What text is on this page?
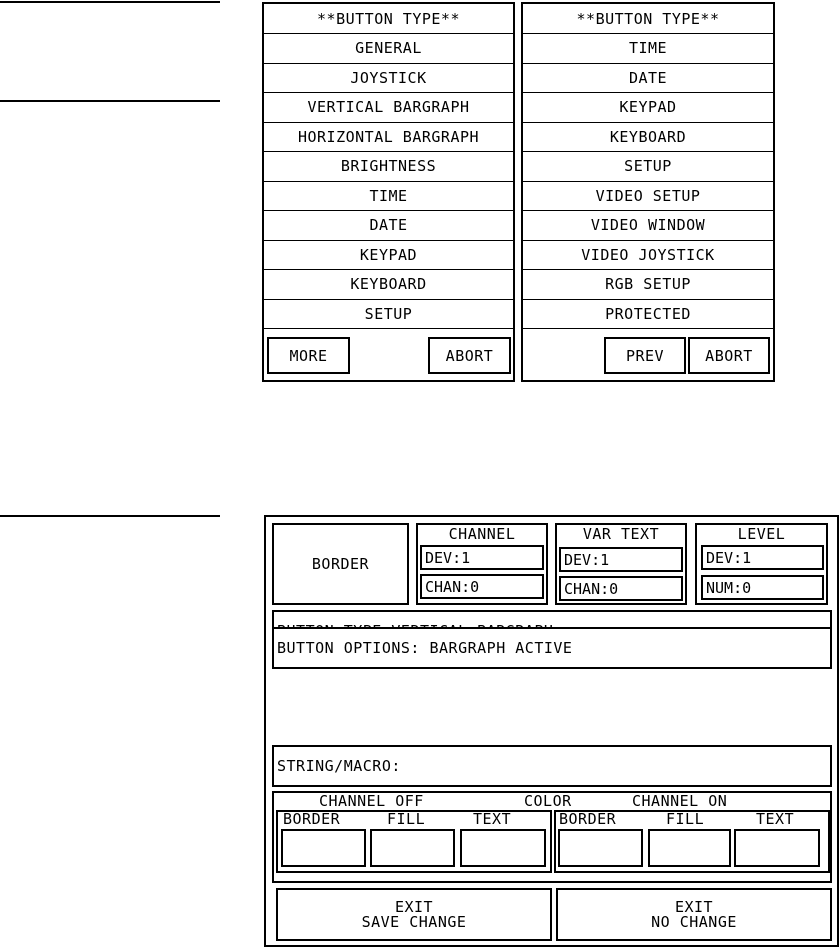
**BUTTON TYPE**
GENERAL
JOYSTICK
VERTICAL BARGRAPH
HORIZONTAL BARGRAPH
BRIGHTNESS
TIME
DATE
KEYPAD
KEYBOARD
SETUP
MORE	ABORT
**BUTTON TYPE**
TIME
DATE
KEYPAD
KEYBOARD
SETUP
VIDEO SETUP
VIDEO WINDOW
VIDEO JOYSTICK
RGB SETUP
PROTECTED
PREV	ABORT
BORDER
CHANNEL
DEV:1
CHAN:0
VAR TEXT
DEV:1
CHAN:0
LEVEL
DEV:1
NUM:0
BUTTON OPTIONS: BARGRAPH ACTIVE
STRING/MACRO:
CHANNEL OFF	COLOR	CHANNEL ON
BORDER	FILL	TEXT	BORDER	FILL	TEXT
EXIT
SAVE CHANGE
EXIT
NO CHANGE
